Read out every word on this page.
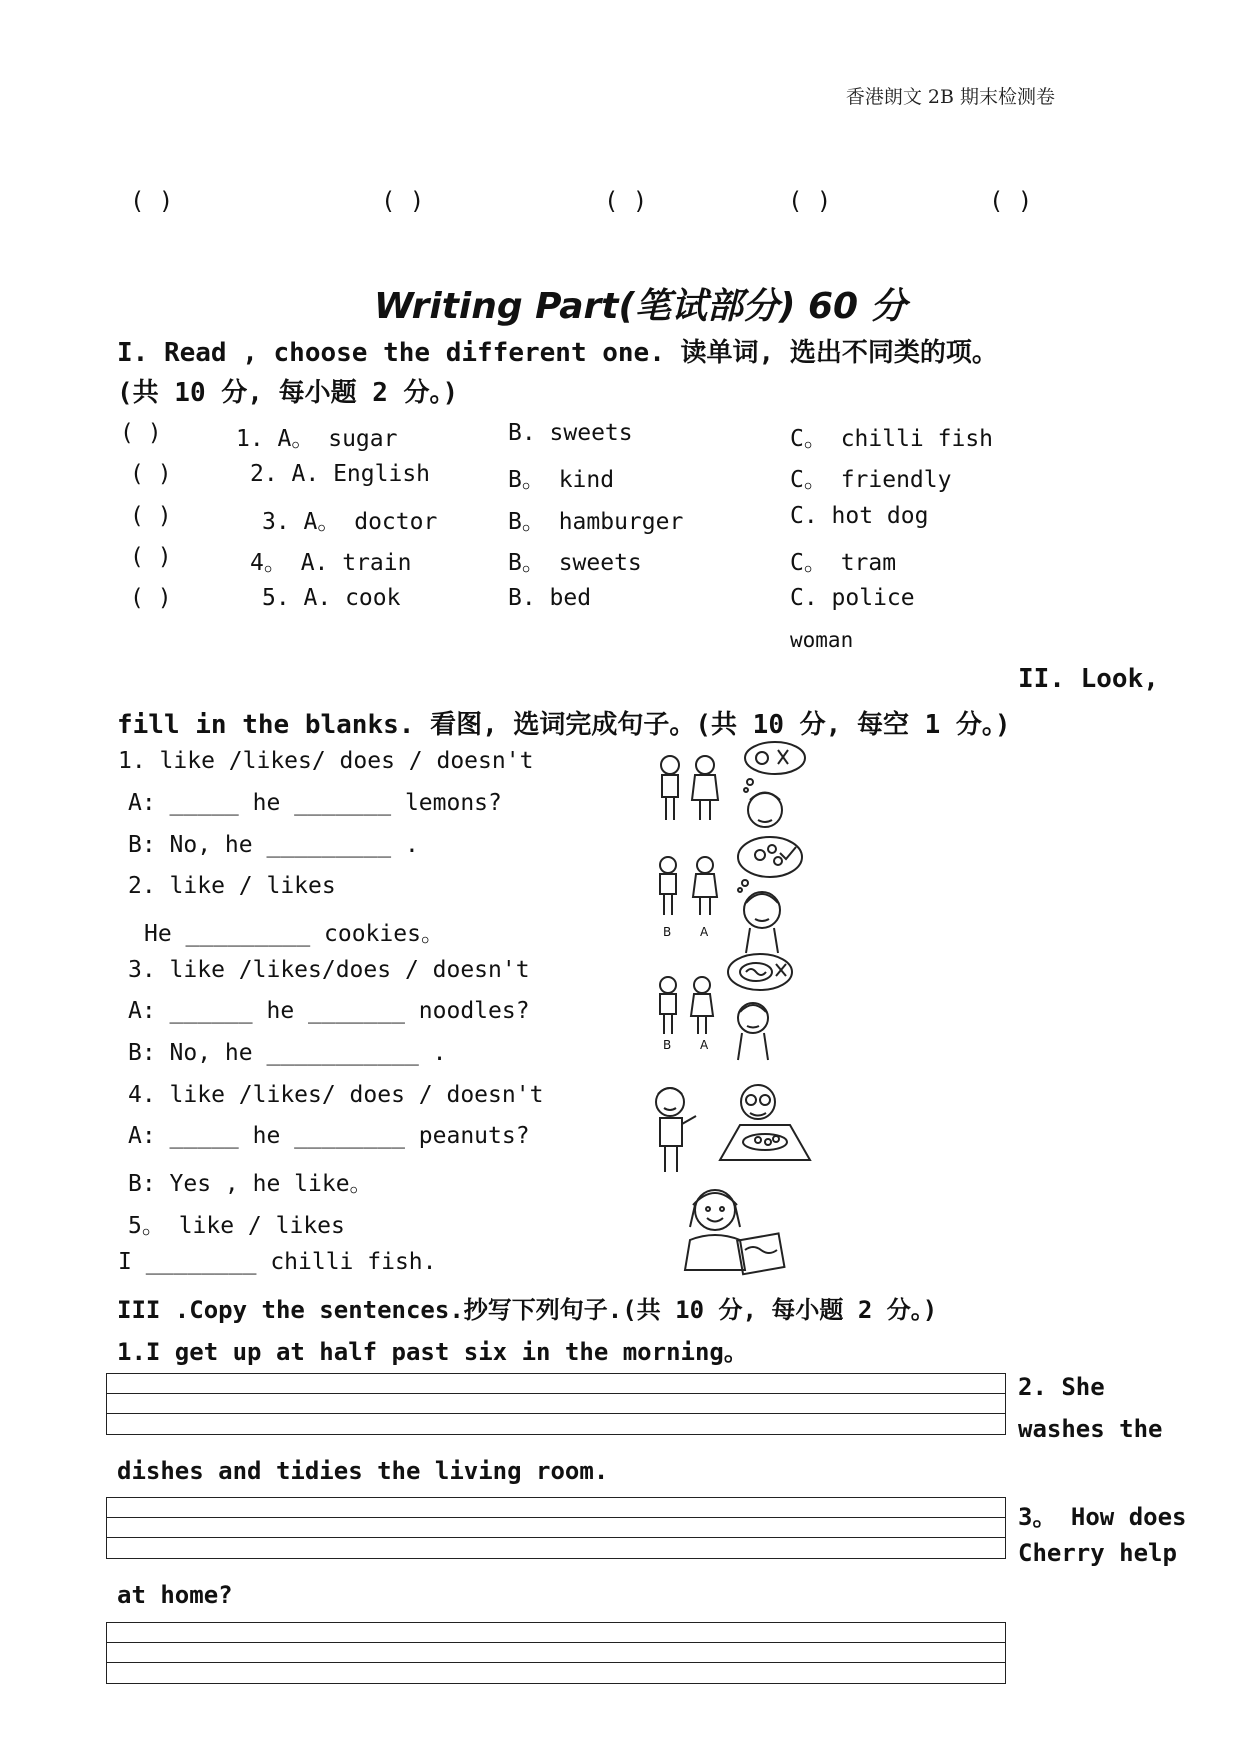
香港朗文 2B 期末检测卷
( )	( )	( )	( )	( )
Writing Part(笔试部分) 60 分
I. Read , choose the different one. 读单词, 选出不同类的项。
(共 10 分, 每小题 2 分。)
( )	1. A。 sugar	B. sweets	C。 chilli fish
( )	2. A. English	B。 kind	C。 friendly
( )	3. A。 doctor	B。 hamburger	C. hot dog
( )	4。 A. train	B。 sweets	C。 tram
( )	5. A. cook	B. bed	C. police
woman
II. Look,
fill in the blanks. 看图, 选词完成句子。(共 10 分, 每空 1 分。)
1. like /likes/ does / doesn't
A: _____ he _______ lemons?
B: No, he _________ .
2. like / likes
He _________ cookies。
3. like /likes/does / doesn't
A: ______ he _______ noodles?
B: No, he ___________ .
4. like /likes/ does / doesn't
A: _____ he ________ peanuts?
B: Yes , he like。
5。 like / likes
I ________ chilli fish.
B A
B A
III .Copy the sentences.抄写下列句子.(共 10 分, 每小题 2 分。)
1.I get up at half past six in the morning。
2. She
washes the
dishes and tidies the living room.
3。 How does
Cherry help
at home?
